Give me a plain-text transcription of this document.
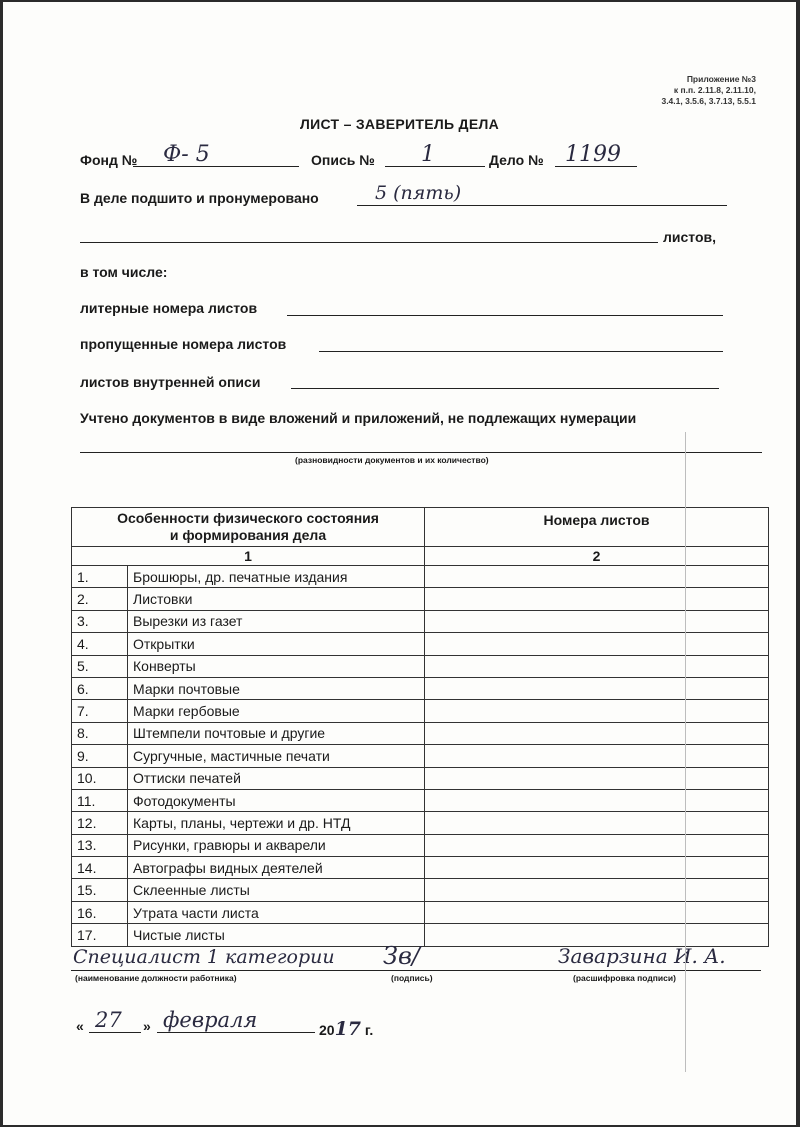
Приложение №3
к п.п. 2.11.8, 2.11.10,
3.4.1, 3.5.6, 3.7.13, 5.5.1
ЛИСТ – ЗАВЕРИТЕЛЬ ДЕЛА
Фонд № Ф- 5	Опись № 1	Дело № 1199
В деле подшито и пронумеровано	5 (пять)
листов,
в том числе:
литерные номера листов
пропущенные номера листов
листов внутренней описи
Учтено документов в виде вложений и приложений, не подлежащих нумерации
(разновидности документов и их количество)
Особенности физического состояния
и формирования дела		Номера листов
1		2
1.	Брошюры, др. печатные издания	
2.	Листовки	
3.	Вырезки из газет	
4.	Открытки	
5.	Конверты	
6.	Марки почтовые	
7.	Марки гербовые	
8.	Штемпели почтовые и другие	
9.	Сургучные, мастичные печати	
10.	Оттиски печатей	
11.	Фотодокументы	
12.	Карты, планы, чертежи и др. НТД	
13.	Рисунки, гравюры и акварели	
14.	Автографы видных деятелей	
15.	Склеенные листы	
16.	Утрата части листа	
17.	Чистые листы	
Специалист 1 категории
(наименование должности работника)
Зв/
(подпись)
Заварзина И. А.
(расшифровка подписи)
« 27 » февраля	2017 г.
